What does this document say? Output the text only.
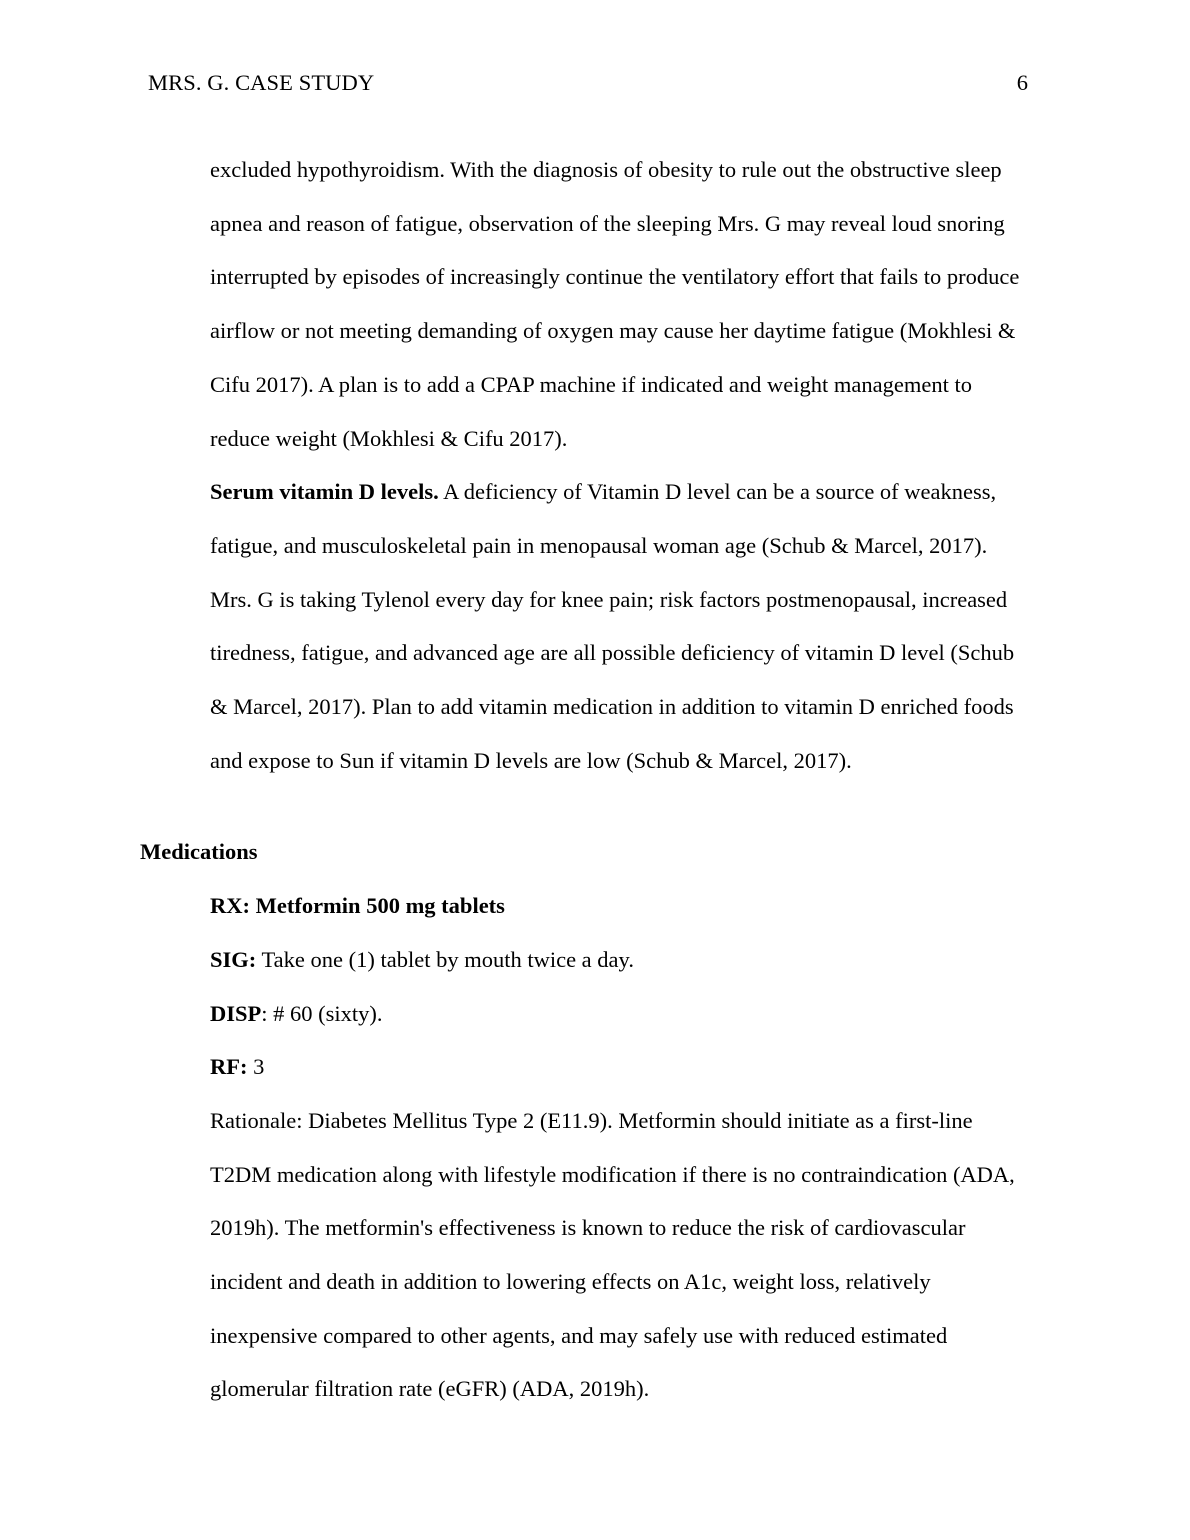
MRS. G. CASE STUDY	6

excluded hypothyroidism. With the diagnosis of obesity to rule out the obstructive sleep

apnea and reason of fatigue, observation of the sleeping Mrs. G may reveal loud snoring

interrupted by episodes of increasingly continue the ventilatory effort that fails to produce

airflow or not meeting demanding of oxygen may cause her daytime fatigue (Mokhlesi &

Cifu 2017). A plan is to add a CPAP machine if indicated and weight management to

reduce weight (Mokhlesi & Cifu 2017).

Serum vitamin D levels. A deficiency of Vitamin D level can be a source of weakness,

fatigue, and musculoskeletal pain in menopausal woman age (Schub & Marcel, 2017).

Mrs. G is taking Tylenol every day for knee pain; risk factors postmenopausal, increased

tiredness, fatigue, and advanced age are all possible deficiency of vitamin D level (Schub

& Marcel, 2017). Plan to add vitamin medication in addition to vitamin D enriched foods

and expose to Sun if vitamin D levels are low (Schub & Marcel, 2017).

Medications

RX: Metformin 500 mg tablets

SIG: Take one (1) tablet by mouth twice a day.

DISP: # 60 (sixty).

RF: 3

Rationale: Diabetes Mellitus Type 2 (E11.9). Metformin should initiate as a first-line

T2DM medication along with lifestyle modification if there is no contraindication (ADA,

2019h). The metformin's effectiveness is known to reduce the risk of cardiovascular

incident and death in addition to lowering effects on A1c, weight loss, relatively

inexpensive compared to other agents, and may safely use with reduced estimated

glomerular filtration rate (eGFR) (ADA, 2019h).
